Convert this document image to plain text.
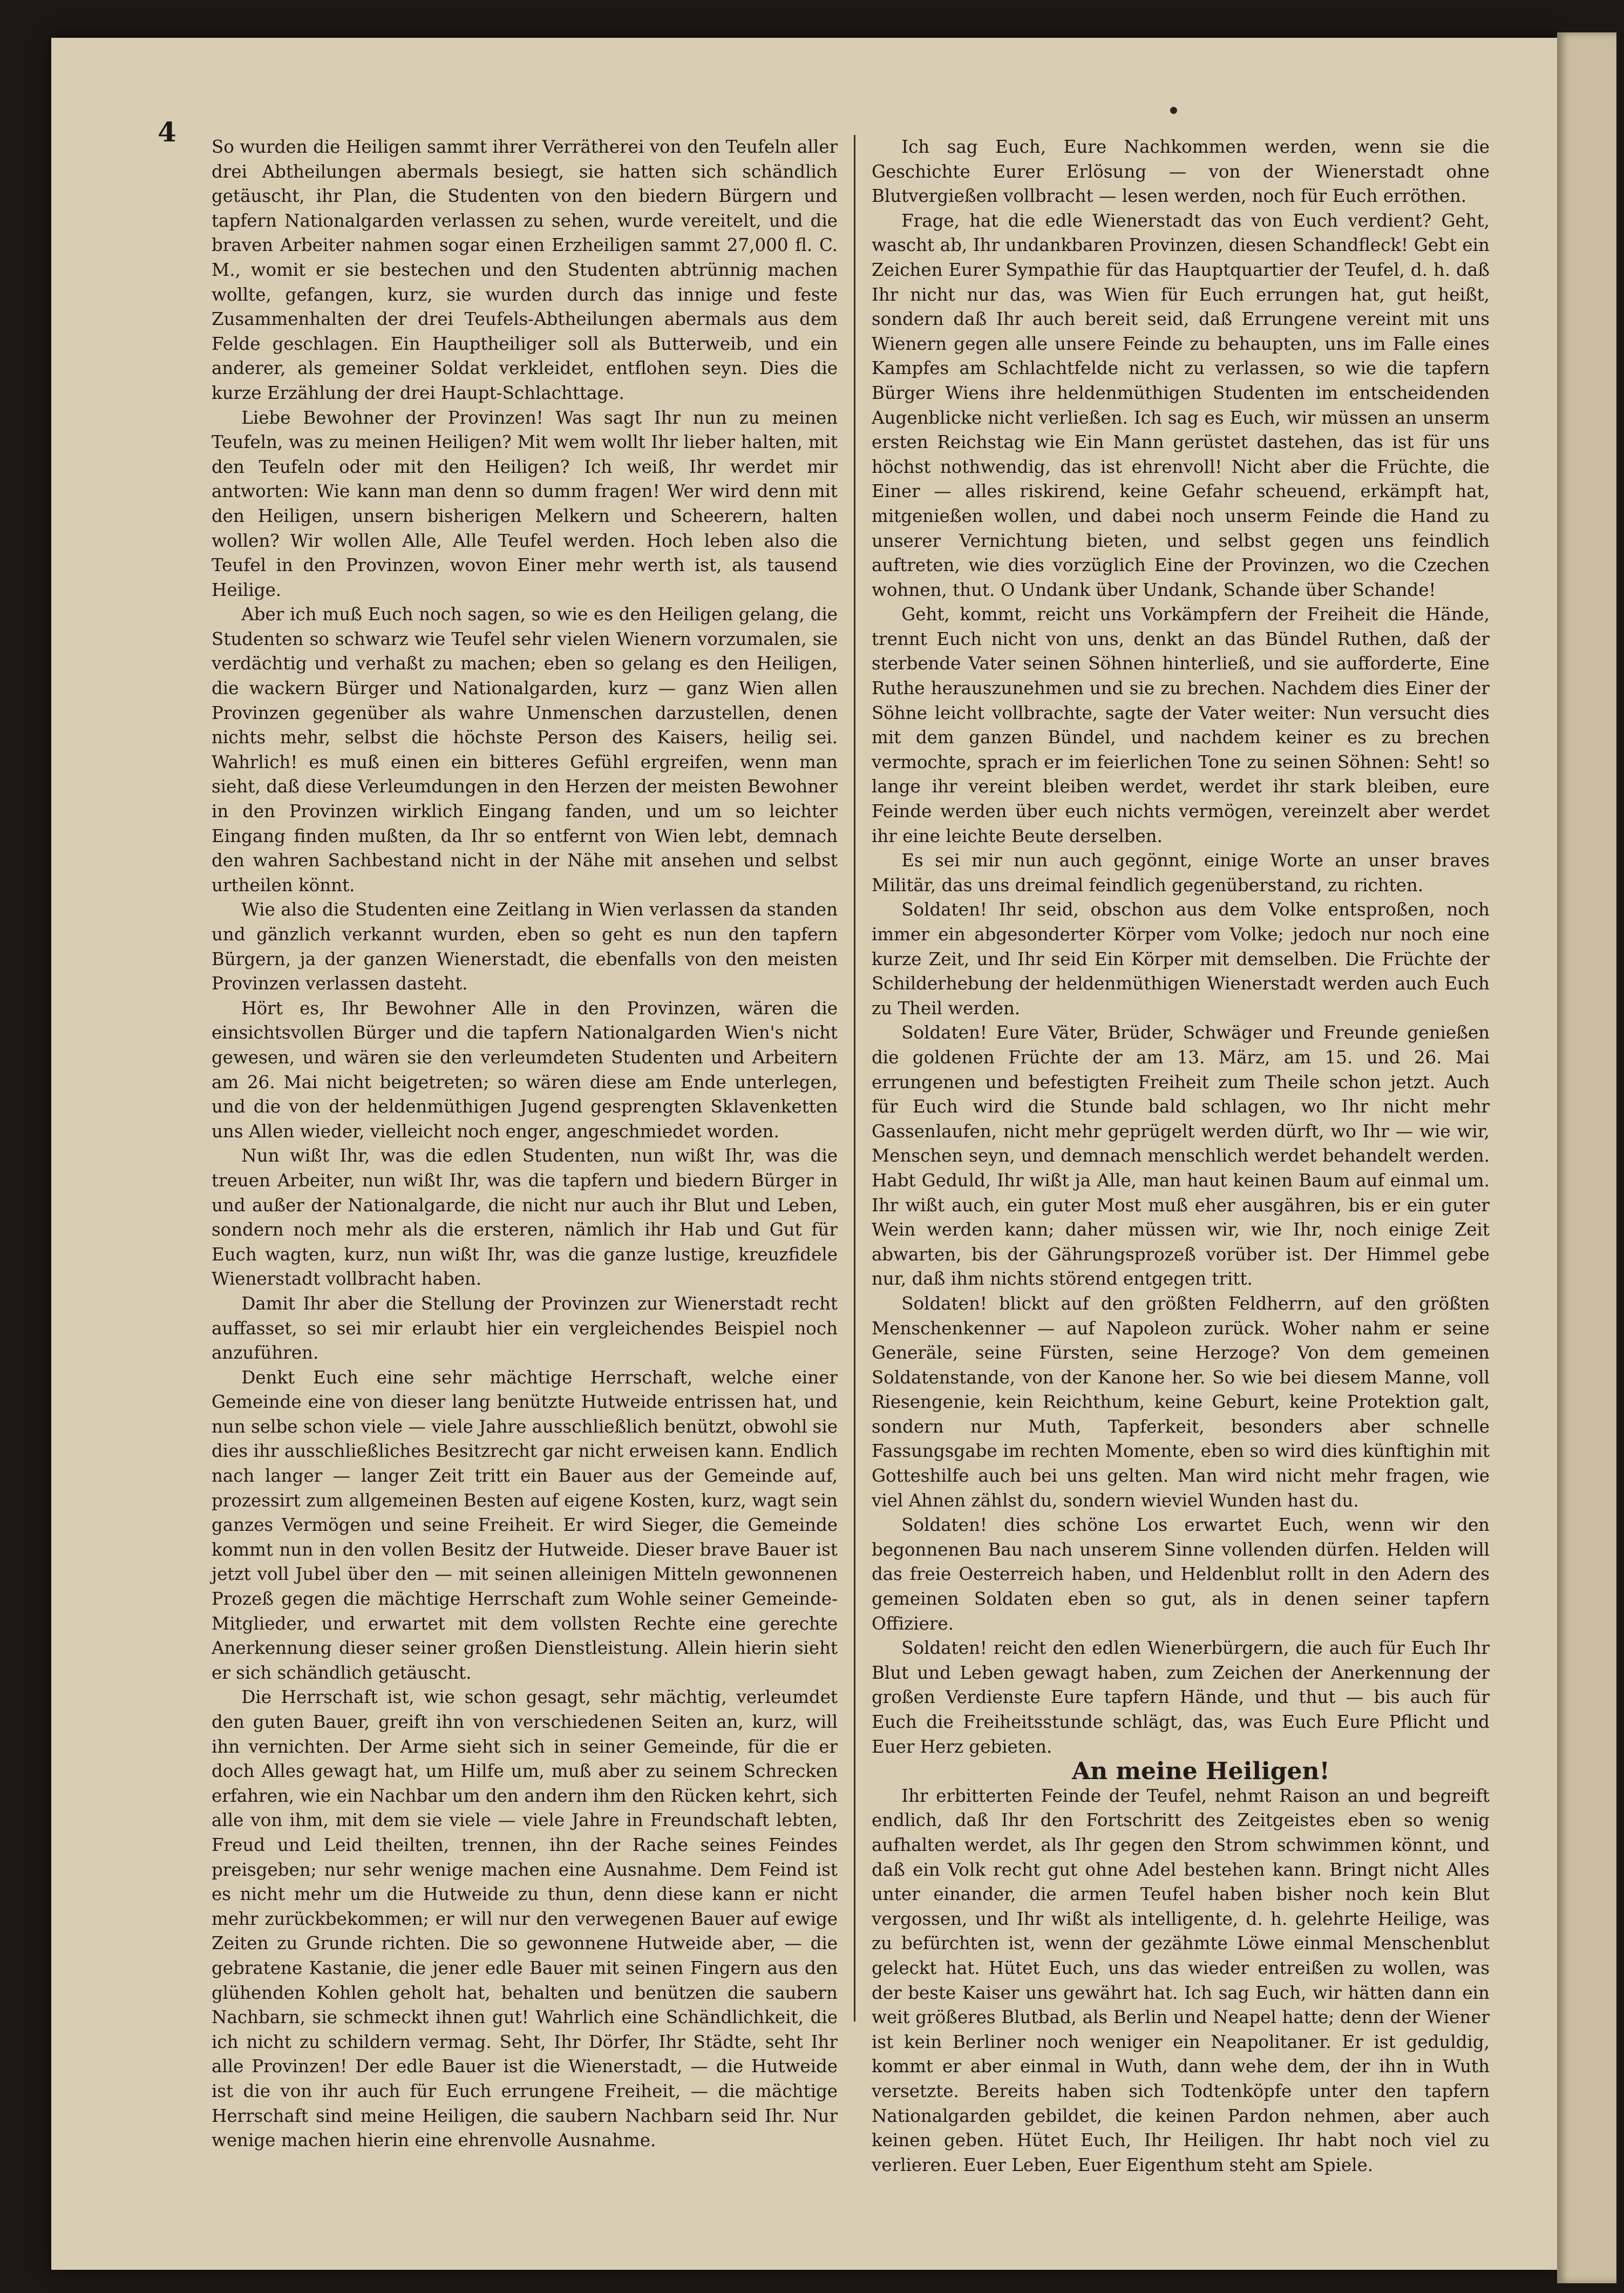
4 So wurden die Heiligen sammt ihrer Verrätherei von den Teufeln aller drei Abtheilungen abermals besiegt, sie hatten sich schändlich getäuscht, ihr Plan, die Studenten von den biedern Bürgern und tapfern Nationalgarden verlassen zu sehen, wurde vereitelt, und die braven Arbeiter nahmen sogar einen Erzheiligen sammt 27,000 fl. C. M., womit er sie bestechen und den Studenten abtrünnig machen wollte, gefangen, kurz, sie wurden durch das innige und feste Zusammenhalten der drei Teufels-Abtheilungen abermals aus dem Felde geschlagen. Ein Hauptheiliger soll als Butterweib, und ein anderer, als gemeiner Soldat verkleidet, entflohen seyn. Dies die kurze Erzählung der drei Haupt-Schlachttage.

Liebe Bewohner der Provinzen! Was sagt Ihr nun zu meinen Teufeln, was zu meinen Heiligen? Mit wem wollt Ihr lieber halten, mit den Teufeln oder mit den Heiligen? Ich weiß, Ihr werdet mir antworten: Wie kann man denn so dumm fragen! Wer wird denn mit den Heiligen, unsern bisherigen Melkern und Scheerern, halten wollen? Wir wollen Alle, Alle Teufel werden. Hoch leben also die Teufel in den Provinzen, wovon Einer mehr werth ist, als tausend Heilige.

Aber ich muß Euch noch sagen, so wie es den Heiligen gelang, die Studenten so schwarz wie Teufel sehr vielen Wienern vorzumalen, sie verdächtig und verhaßt zu machen; eben so gelang es den Heiligen, die wackern Bürger und Nationalgarden, kurz — ganz Wien allen Provinzen gegenüber als wahre Unmenschen darzustellen, denen nichts mehr, selbst die höchste Person des Kaisers, heilig sei. Wahrlich! es muß einen ein bitteres Gefühl ergreifen, wenn man sieht, daß diese Verleumdungen in den Herzen der meisten Bewohner in den Provinzen wirklich Eingang fanden, und um so leichter Eingang finden mußten, da Ihr so entfernt von Wien lebt, demnach den wahren Sachbestand nicht in der Nähe mit ansehen und selbst urtheilen könnt.

Wie also die Studenten eine Zeitlang in Wien verlassen da standen und gänzlich verkannt wurden, eben so geht es nun den tapfern Bürgern, ja der ganzen Wienerstadt, die ebenfalls von den meisten Provinzen verlassen dasteht.

Hört es, Ihr Bewohner Alle in den Provinzen, wären die einsichtsvollen Bürger und die tapfern Nationalgarden Wien's nicht gewesen, und wären sie den verleumdeten Studenten und Arbeitern am 26. Mai nicht beigetreten; so wären diese am Ende unterlegen, und die von der heldenmüthigen Jugend gesprengten Sklavenketten uns Allen wieder, vielleicht noch enger, angeschmiedet worden.

Nun wißt Ihr, was die edlen Studenten, nun wißt Ihr, was die treuen Arbeiter, nun wißt Ihr, was die tapfern und biedern Bürger in und außer der Nationalgarde, die nicht nur auch ihr Blut und Leben, sondern noch mehr als die ersteren, nämlich ihr Hab und Gut für Euch wagten, kurz, nun wißt Ihr, was die ganze lustige, kreuzfidele Wienerstadt vollbracht haben.

Damit Ihr aber die Stellung der Provinzen zur Wienerstadt recht auffasset, so sei mir erlaubt hier ein vergleichendes Beispiel noch anzuführen.

Denkt Euch eine sehr mächtige Herrschaft, welche einer Gemeinde eine von dieser lang benützte Hutweide entrissen hat, und nun selbe schon viele — viele Jahre ausschließlich benützt, obwohl sie dies ihr ausschließliches Besitzrecht gar nicht erweisen kann. Endlich nach langer — langer Zeit tritt ein Bauer aus der Gemeinde auf, prozessirt zum allgemeinen Besten auf eigene Kosten, kurz, wagt sein ganzes Vermögen und seine Freiheit. Er wird Sieger, die Gemeinde kommt nun in den vollen Besitz der Hutweide. Dieser brave Bauer ist jetzt voll Jubel über den — mit seinen alleinigen Mitteln gewonnenen Prozeß gegen die mächtige Herrschaft zum Wohle seiner Gemeinde-Mitglieder, und erwartet mit dem vollsten Rechte eine gerechte Anerkennung dieser seiner großen Dienstleistung. Allein hierin sieht er sich schändlich getäuscht.

Die Herrschaft ist, wie schon gesagt, sehr mächtig, verleumdet den guten Bauer, greift ihn von verschiedenen Seiten an, kurz, will ihn vernichten. Der Arme sieht sich in seiner Gemeinde, für die er doch Alles gewagt hat, um Hilfe um, muß aber zu seinem Schrecken erfahren, wie ein Nachbar um den andern ihm den Rücken kehrt, sich alle von ihm, mit dem sie viele — viele Jahre in Freundschaft lebten, Freud und Leid theilten, trennen, ihn der Rache seines Feindes preisgeben; nur sehr wenige machen eine Ausnahme. Dem Feind ist es nicht mehr um die Hutweide zu thun, denn diese kann er nicht mehr zurückbekommen; er will nur den verwegenen Bauer auf ewige Zeiten zu Grunde richten. Die so gewonnene Hutweide aber, — die gebratene Kastanie, die jener edle Bauer mit seinen Fingern aus den glühenden Kohlen geholt hat, behalten und benützen die saubern Nachbarn, sie schmeckt ihnen gut! Wahrlich eine Schändlichkeit, die ich nicht zu schildern vermag. Seht, Ihr Dörfer, Ihr Städte, seht Ihr alle Provinzen! Der edle Bauer ist die Wienerstadt, — die Hutweide ist die von ihr auch für Euch errungene Freiheit, — die mächtige Herrschaft sind meine Heiligen, die saubern Nachbarn seid Ihr. Nur wenige machen hierin eine ehrenvolle Ausnahme.

Ich sag Euch, Eure Nachkommen werden, wenn sie die Geschichte Eurer Erlösung — von der Wienerstadt ohne Blutvergießen vollbracht — lesen werden, noch für Euch erröthen.

Frage, hat die edle Wienerstadt das von Euch verdient? Geht, wascht ab, Ihr undankbaren Provinzen, diesen Schandfleck! Gebt ein Zeichen Eurer Sympathie für das Hauptquartier der Teufel, d. h. daß Ihr nicht nur das, was Wien für Euch errungen hat, gut heißt, sondern daß Ihr auch bereit seid, daß Errungene vereint mit uns Wienern gegen alle unsere Feinde zu behaupten, uns im Falle eines Kampfes am Schlachtfelde nicht zu verlassen, so wie die tapfern Bürger Wiens ihre heldenmüthigen Studenten im entscheidenden Augenblicke nicht verließen. Ich sag es Euch, wir müssen an unserm ersten Reichstag wie Ein Mann gerüstet dastehen, das ist für uns höchst nothwendig, das ist ehrenvoll! Nicht aber die Früchte, die Einer — alles riskirend, keine Gefahr scheuend, erkämpft hat, mitgenießen wollen, und dabei noch unserm Feinde die Hand zu unserer Vernichtung bieten, und selbst gegen uns feindlich auftreten, wie dies vorzüglich Eine der Provinzen, wo die Czechen wohnen, thut. O Undank über Undank, Schande über Schande!

Geht, kommt, reicht uns Vorkämpfern der Freiheit die Hände, trennt Euch nicht von uns, denkt an das Bündel Ruthen, daß der sterbende Vater seinen Söhnen hinterließ, und sie aufforderte, Eine Ruthe herauszunehmen und sie zu brechen. Nachdem dies Einer der Söhne leicht vollbrachte, sagte der Vater weiter: Nun versucht dies mit dem ganzen Bündel, und nachdem keiner es zu brechen vermochte, sprach er im feierlichen Tone zu seinen Söhnen: Seht! so lange ihr vereint bleiben werdet, werdet ihr stark bleiben, eure Feinde werden über euch nichts vermögen, vereinzelt aber werdet ihr eine leichte Beute derselben.

Es sei mir nun auch gegönnt, einige Worte an unser braves Militär, das uns dreimal feindlich gegenüberstand, zu richten.

Soldaten! Ihr seid, obschon aus dem Volke entsproßen, noch immer ein abgesonderter Körper vom Volke; jedoch nur noch eine kurze Zeit, und Ihr seid Ein Körper mit demselben. Die Früchte der Schilderhebung der heldenmüthigen Wienerstadt werden auch Euch zu Theil werden.

Soldaten! Eure Väter, Brüder, Schwäger und Freunde genießen die goldenen Früchte der am 13. März, am 15. und 26. Mai errungenen und befestigten Freiheit zum Theile schon jetzt. Auch für Euch wird die Stunde bald schlagen, wo Ihr nicht mehr Gassenlaufen, nicht mehr geprügelt werden dürft, wo Ihr — wie wir, Menschen seyn, und demnach menschlich werdet behandelt werden. Habt Geduld, Ihr wißt ja Alle, man haut keinen Baum auf einmal um. Ihr wißt auch, ein guter Most muß eher ausgähren, bis er ein guter Wein werden kann; daher müssen wir, wie Ihr, noch einige Zeit abwarten, bis der Gährungsprozeß vorüber ist. Der Himmel gebe nur, daß ihm nichts störend entgegen tritt.

Soldaten! blickt auf den größten Feldherrn, auf den größten Menschenkenner — auf Napoleon zurück. Woher nahm er seine Generäle, seine Fürsten, seine Herzoge? Von dem gemeinen Soldatenstande, von der Kanone her. So wie bei diesem Manne, voll Riesengenie, kein Reichthum, keine Geburt, keine Protektion galt, sondern nur Muth, Tapferkeit, besonders aber schnelle Fassungsgabe im rechten Momente, eben so wird dies künftighin mit Gotteshilfe auch bei uns gelten. Man wird nicht mehr fragen, wie viel Ahnen zählst du, sondern wieviel Wunden hast du.

Soldaten! dies schöne Los erwartet Euch, wenn wir den begonnenen Bau nach unserem Sinne vollenden dürfen. Helden will das freie Oesterreich haben, und Heldenblut rollt in den Adern des gemeinen Soldaten eben so gut, als in denen seiner tapfern Offiziere.

Soldaten! reicht den edlen Wienerbürgern, die auch für Euch Ihr Blut und Leben gewagt haben, zum Zeichen der Anerkennung der großen Verdienste Eure tapfern Hände, und thut — bis auch für Euch die Freiheitsstunde schlägt, das, was Euch Eure Pflicht und Euer Herz gebieten.

An meine Heiligen!

Ihr erbitterten Feinde der Teufel, nehmt Raison an und begreift endlich, daß Ihr den Fortschritt des Zeitgeistes eben so wenig aufhalten werdet, als Ihr gegen den Strom schwimmen könnt, und daß ein Volk recht gut ohne Adel bestehen kann. Bringt nicht Alles unter einander, die armen Teufel haben bisher noch kein Blut vergossen, und Ihr wißt als intelligente, d. h. gelehrte Heilige, was zu befürchten ist, wenn der gezähmte Löwe einmal Menschenblut geleckt hat. Hütet Euch, uns das wieder entreißen zu wollen, was der beste Kaiser uns gewährt hat. Ich sag Euch, wir hätten dann ein weit größeres Blutbad, als Berlin und Neapel hatte; denn der Wiener ist kein Berliner noch weniger ein Neapolitaner. Er ist geduldig, kommt er aber einmal in Wuth, dann wehe dem, der ihn in Wuth versetzte. Bereits haben sich Todtenköpfe unter den tapfern Nationalgarden gebildet, die keinen Pardon nehmen, aber auch keinen geben. Hütet Euch, Ihr Heiligen. Ihr habt noch viel zu verlieren. Euer Leben, Euer Eigenthum steht am Spiele.
